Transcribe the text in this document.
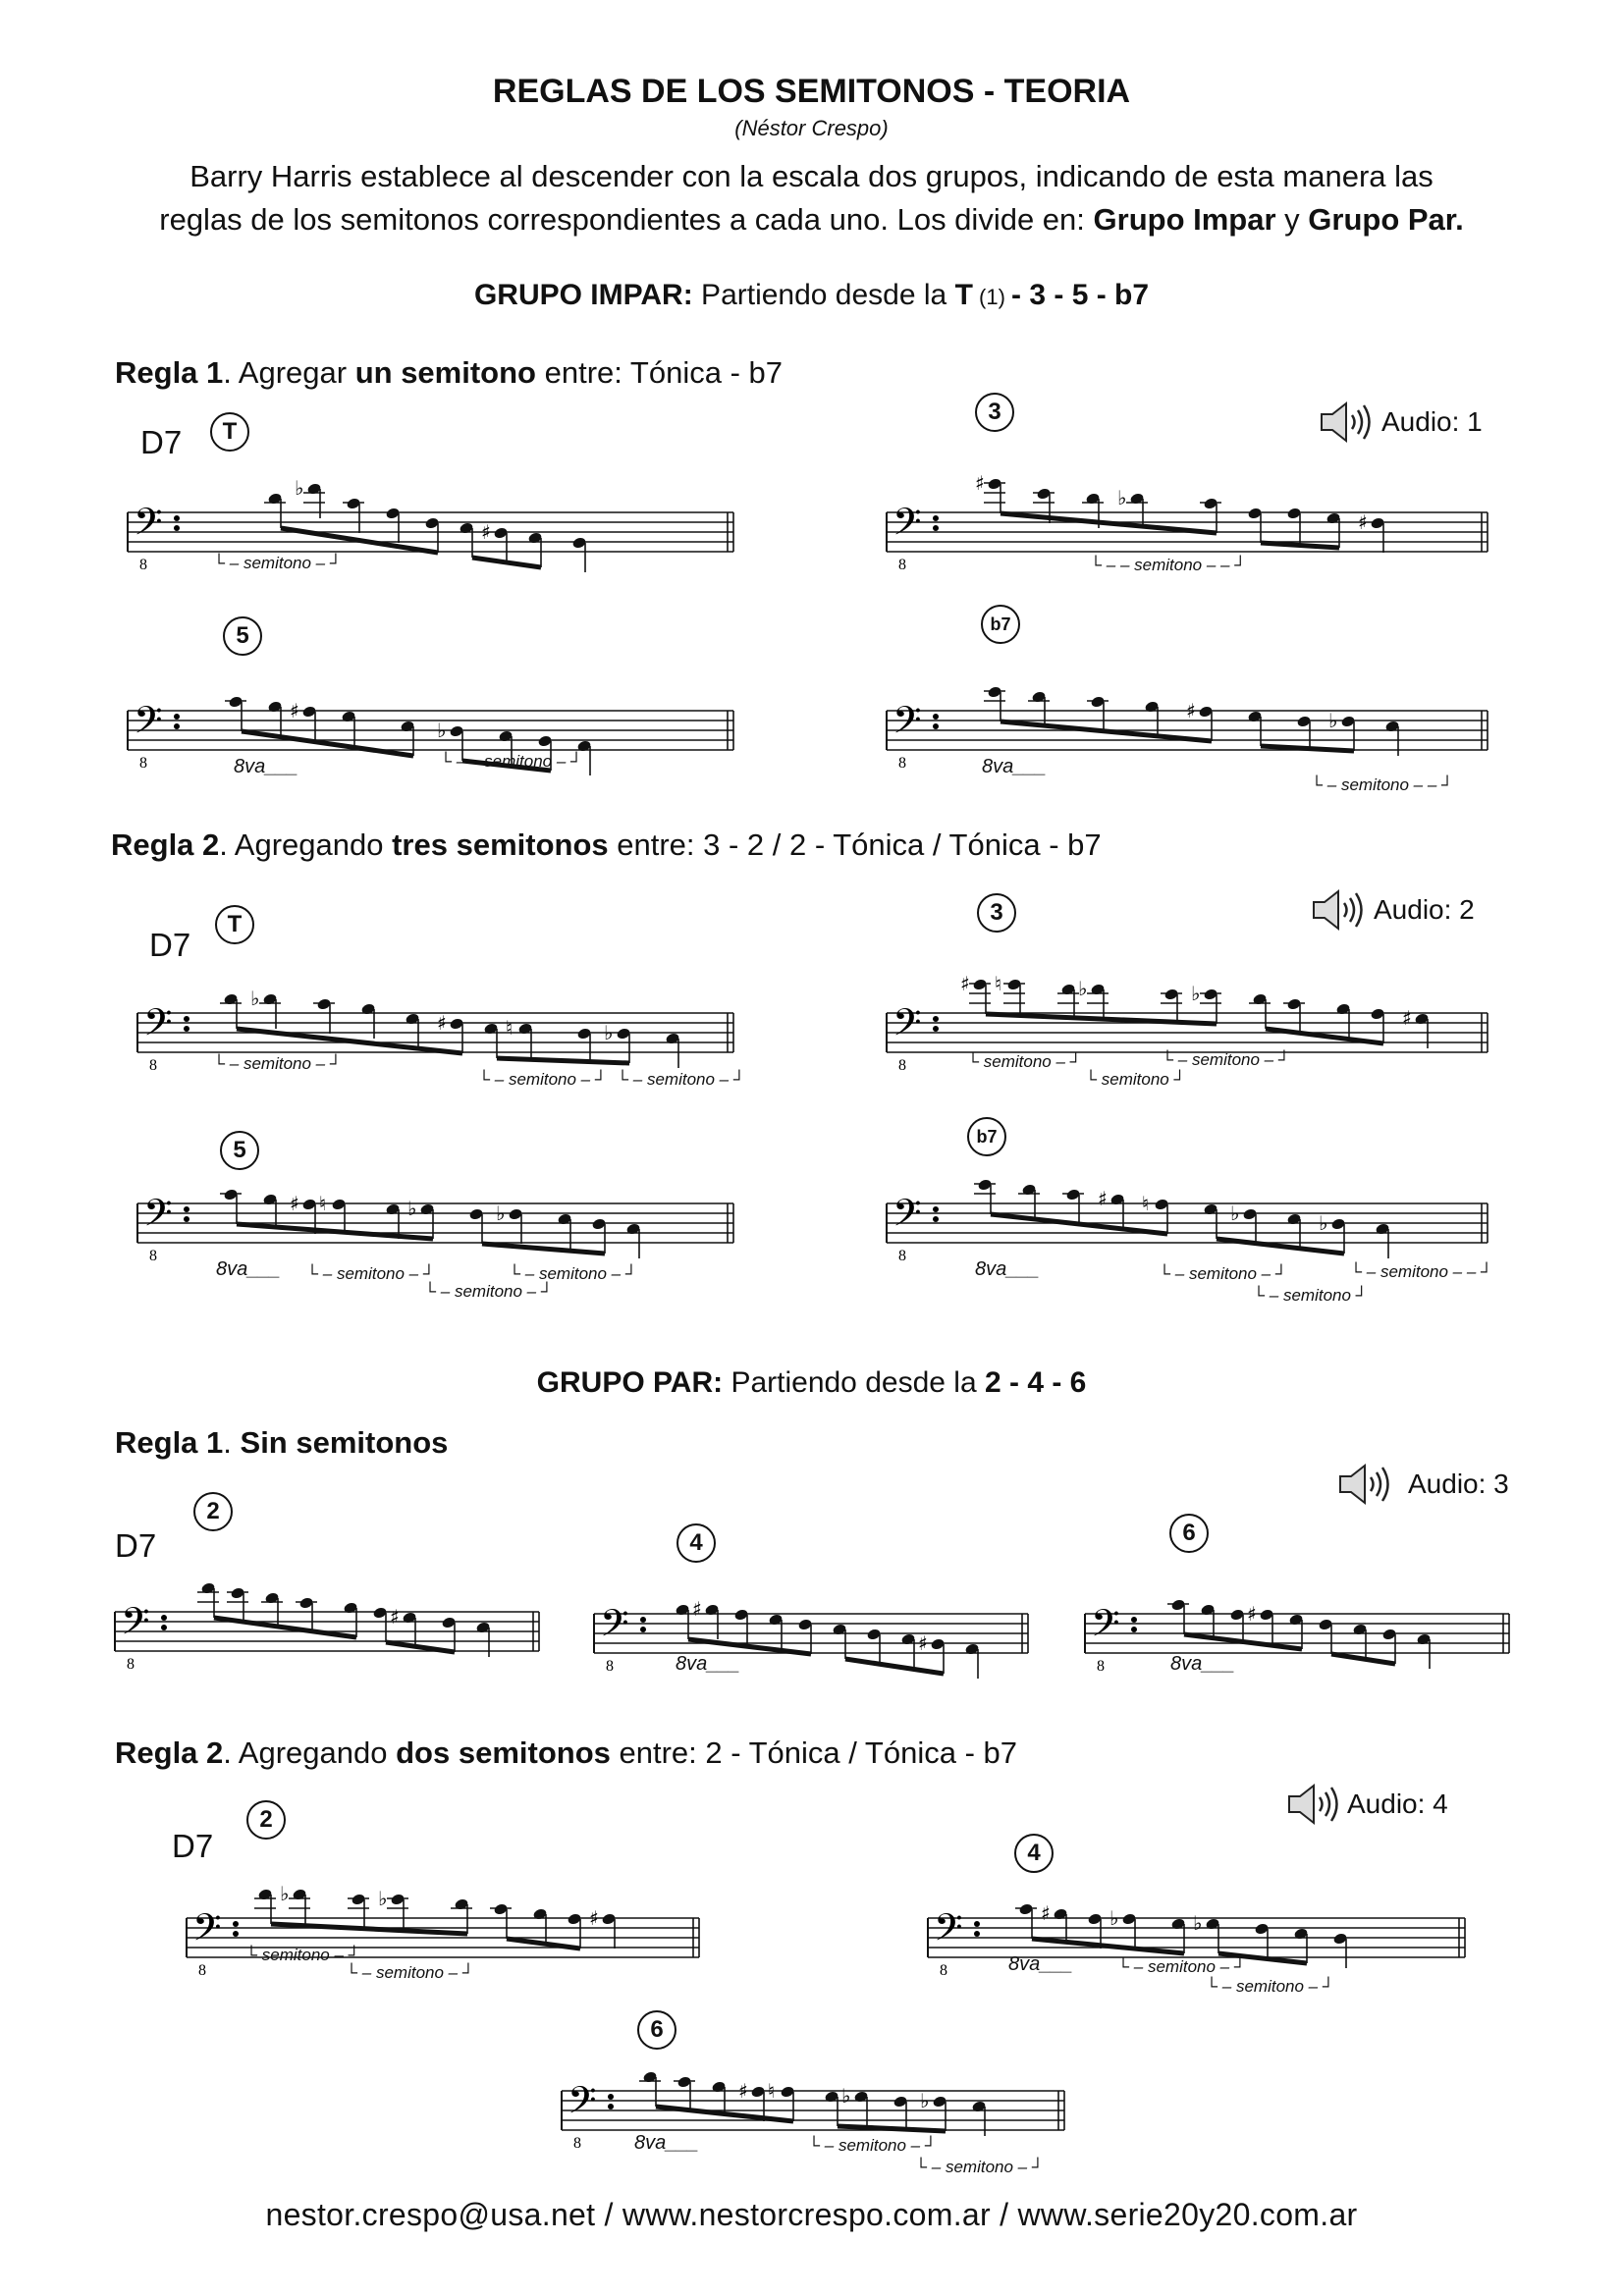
REGLAS DE LOS SEMITONOS - TEORIA
(Néstor Crespo)
Barry Harris establece al descender con la escala dos grupos, indicando de esta manera las
reglas de los semitonos correspondientes a cada uno. Los divide en: Grupo Impar y Grupo Par.
GRUPO IMPAR: Partiendo desde la T (1) - 3 - 5 - b7
Regla 1. Agregar un semitono entre: Tónica - b7
Regla 2. Agregando tres semitonos entre: 3 - 2 / 2 - Tónica / Tónica - b7
GRUPO PAR: Partiendo desde la 2 - 4 - 6
Regla 1. Sin semitonos
Regla 2. Agregando dos semitonos entre: 2 - Tónica / Tónica - b7
D7
D7
D7
D7
Audio: 1
Audio: 2
Audio: 3
Audio: 4
T
3
5	b7
T	3
5	b7
2
4	6
2
4
6
𝄢
8
♭
♯	𝄢
8
♯
♭
♯
𝄢
8
♯
♭	𝄢
8
♯	♭
𝄢
8
♭
♯	♮	♭	𝄢
8
♯ ♮	♭	♭
♯
𝄢
8
♯ ♮	♭	♭	𝄢
8
♯ ♮	♭	♭
𝄢
8
♯	𝄢
8
♯
♯	𝄢
8
♯
𝄢
8
♭	♭
♯	𝄢
8
♯	♭	♭
𝄢
8
♯ ♮	♭	♭
└ – semitono – ┘	└ – – semitono – – ┘
8va___	└ – – semitono – ┘	8va___
└ – semitono – – ┘
└ – semitono – ┘
└ – semitono – ┘ └ – semitono – ┘
└ semitono – ┘
└ semitono ┘
└ – semitono – ┘
8va___ └ – semitono – ┘
└ – semitono – ┘
└ – semitono – ┘	8va___	└ – semitono – ┘
└ – semitono ┘
└ – semitono – – ┘
8va___	8va___
└ semitono – ┘
└ – semitono – ┘	8va___	└ – semitono – ┘
└ – semitono – ┘
8va___	└ – semitono – ┘
└ – semitono – ┘
nestor.crespo@usa.net / www.nestorcrespo.com.ar / www.serie20y20.com.ar
